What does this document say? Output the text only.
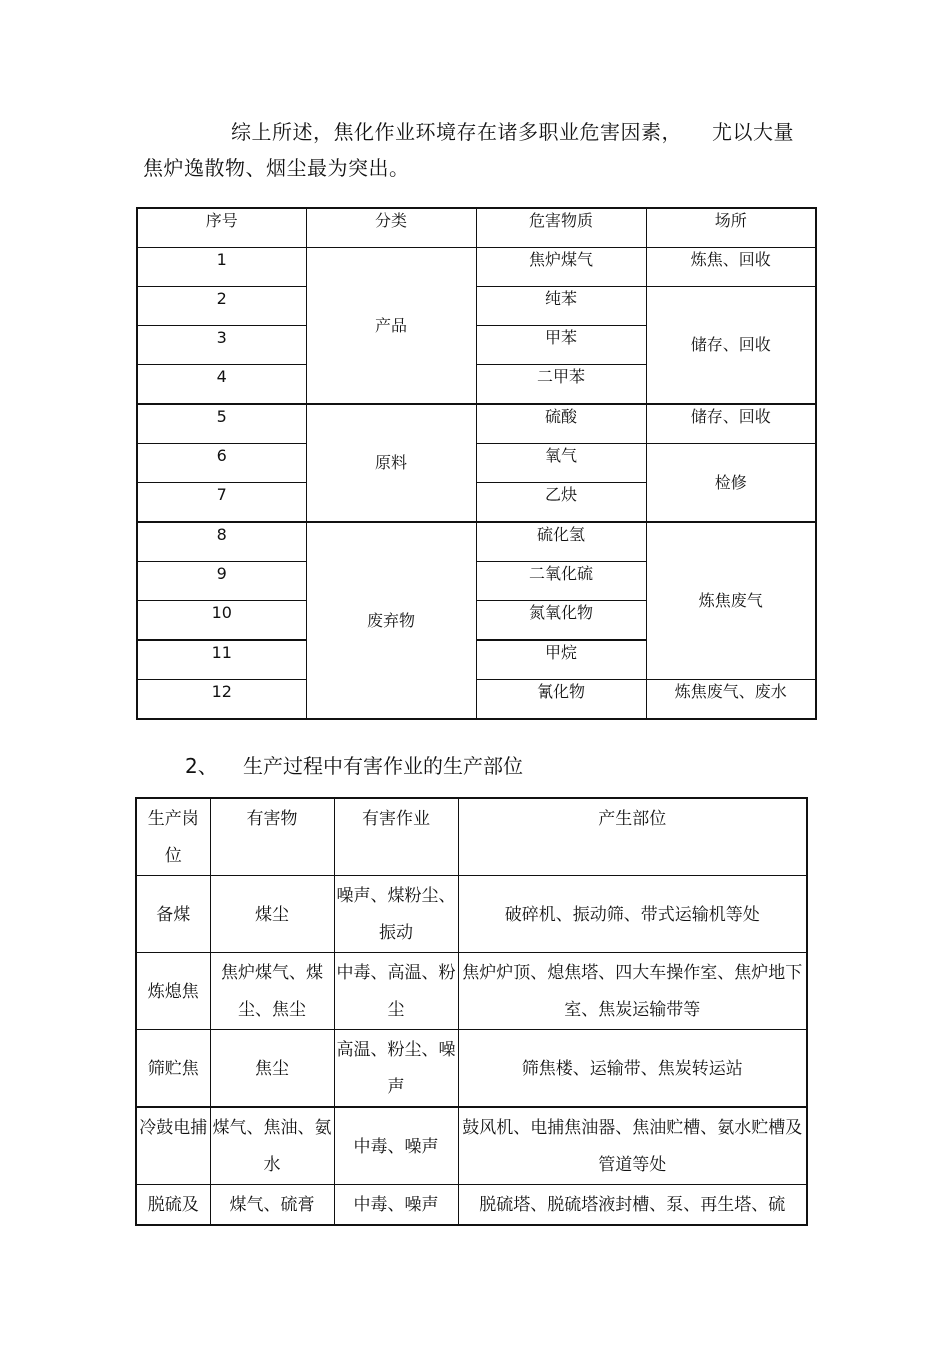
综上所述，焦化作业环境存在诸多职业危害因素， 尤以大量焦炉逸散物、烟尘最为突出。

序号	分类	危害物质	场所
1	产品	焦炉煤气	炼焦、回收
2		纯苯	储存、回收
3		甲苯	
4		二甲苯	
5	原料	硫酸	储存、回收
6		氧气	检修
7		乙炔	
8	废弃物	硫化氢	炼焦废气
9		二氧化硫	
10		氮氧化物	
11		甲烷	
12		氰化物	炼焦废气、废水

2、 生产过程中有害作业的生产部位

生产岗位	有害物	有害作业	产生部位
备煤	煤尘	噪声、煤粉尘、振动	破碎机、振动筛、带式运输机等处
炼熄焦	焦炉煤气、煤尘、焦尘	中毒、高温、粉尘	焦炉炉顶、熄焦塔、四大车操作室、焦炉地下室、焦炭运输带等
筛贮焦	焦尘	高温、粉尘、噪声	筛焦楼、运输带、焦炭转运站
冷鼓电捕	煤气、焦油、氨水	中毒、噪声	鼓风机、电捕焦油器、焦油贮槽、氨水贮槽及管道等处
脱硫及	煤气、硫膏	中毒、噪声	脱硫塔、脱硫塔液封槽、泵、再生塔、硫
